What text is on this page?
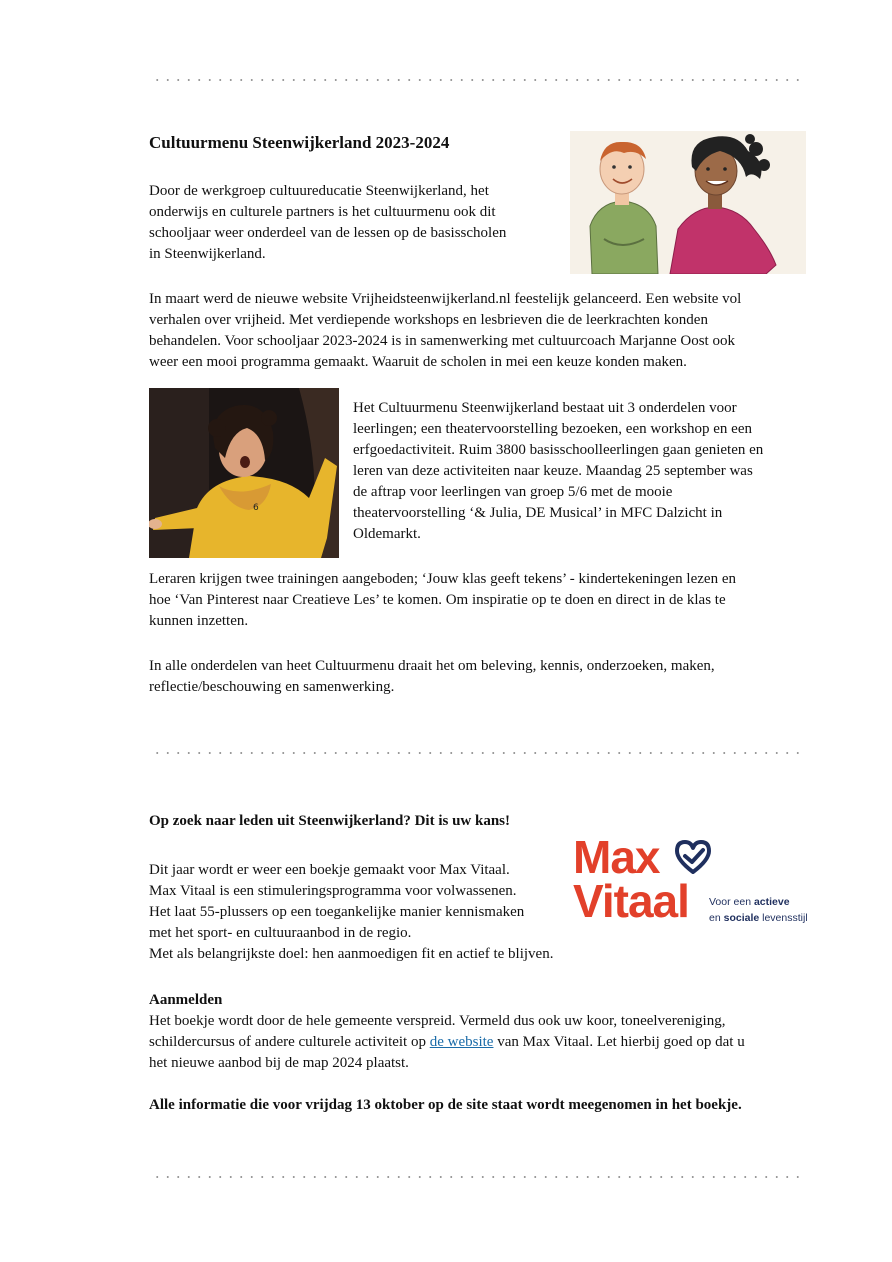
Cultuurmenu Steenwijkerland 2023-2024

Door de werkgroep cultuureducatie Steenwijkerland, het

onderwijs en culturele partners is het cultuurmenu ook dit

schooljaar weer onderdeel van de lessen op de basisscholen

in Steenwijkerland.

In maart werd de nieuwe website Vrijheidsteenwijkerland.nl feestelijk gelanceerd. Een website vol

verhalen over vrijheid. Met verdiepende workshops en lesbrieven die de leerkrachten konden

behandelen. Voor schooljaar 2023-2024 is in samenwerking met cultuurcoach Marjanne Oost ook

weer een mooi programma gemaakt. Waaruit de scholen in mei een keuze konden maken.

6

Het Cultuurmenu Steenwijkerland bestaat uit 3 onderdelen voor

leerlingen; een theatervoorstelling bezoeken, een workshop en een

erfgoedactiviteit. Ruim 3800 basisschoolleerlingen gaan genieten en

leren van deze activiteiten naar keuze. Maandag 25 september was

de aftrap voor leerlingen van groep 5/6 met de mooie

theatervoorstelling ‘& Julia, DE Musical’ in MFC Dalzicht in

Oldemarkt.

Leraren krijgen twee trainingen aangeboden; ‘Jouw klas geeft tekens’ - kindertekeningen lezen en

hoe ‘Van Pinterest naar Creatieve Les’ te komen. Om inspiratie op te doen en direct in de klas te

kunnen inzetten.

In alle onderdelen van heet Cultuurmenu draait het om beleving, kennis, onderzoeken, maken,

reflectie/beschouwing en samenwerking.

Op zoek naar leden uit Steenwijkerland? Dit is uw kans!

Dit jaar wordt er weer een boekje gemaakt voor Max Vitaal.

Max Vitaal is een stimuleringsprogramma voor volwassenen.

Het laat 55-plussers op een toegankelijke manier kennismaken

met het sport- en cultuuraanbod in de regio.

Met als belangrijkste doel: hen aanmoedigen fit en actief te blijven.

Max
Vitaal Voor een actieve
en sociale levensstijl

Aanmelden

Het boekje wordt door de hele gemeente verspreid. Vermeld dus ook uw koor, toneelvereniging,

schildercursus of andere culturele activiteit op de website van Max Vitaal. Let hierbij goed op dat u

het nieuwe aanbod bij de map 2024 plaatst.

Alle informatie die voor vrijdag 13 oktober op de site staat wordt meegenomen in het boekje.
